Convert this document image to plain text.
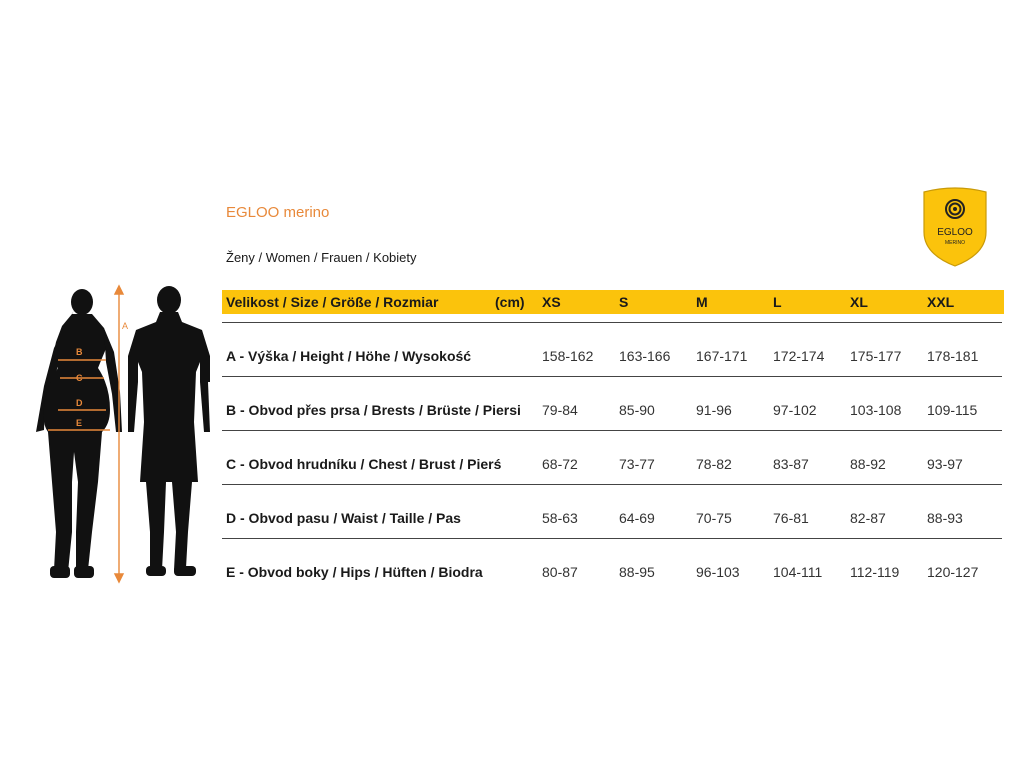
A
B
C
D
E
EGLOO merino
Ženy / Women / Frauen / Kobiety
EGLOO
MERINO
Velikost / Size / Größe / Rozmiar	(cm) XS	S	M	L	XL	XXL
A - Výška / Height / Höhe / Wysokość	158-162 163-166 167-171 172-174 175-177 178-181
B - Obvod přes prsa / Brests / Brüste / Piersi 79-84	85-90	91-96	97-102 103-108 109-115
C - Obvod hrudníku / Chest / Brust / Pierś	68-72	73-77	78-82	83-87	88-92	93-97
D - Obvod pasu / Waist / Taille / Pas	58-63	64-69	70-75	76-81	82-87	88-93
E - Obvod boky / Hips / Hüften / Biodra	80-87	88-95	96-103 104-111 112-119 120-127
